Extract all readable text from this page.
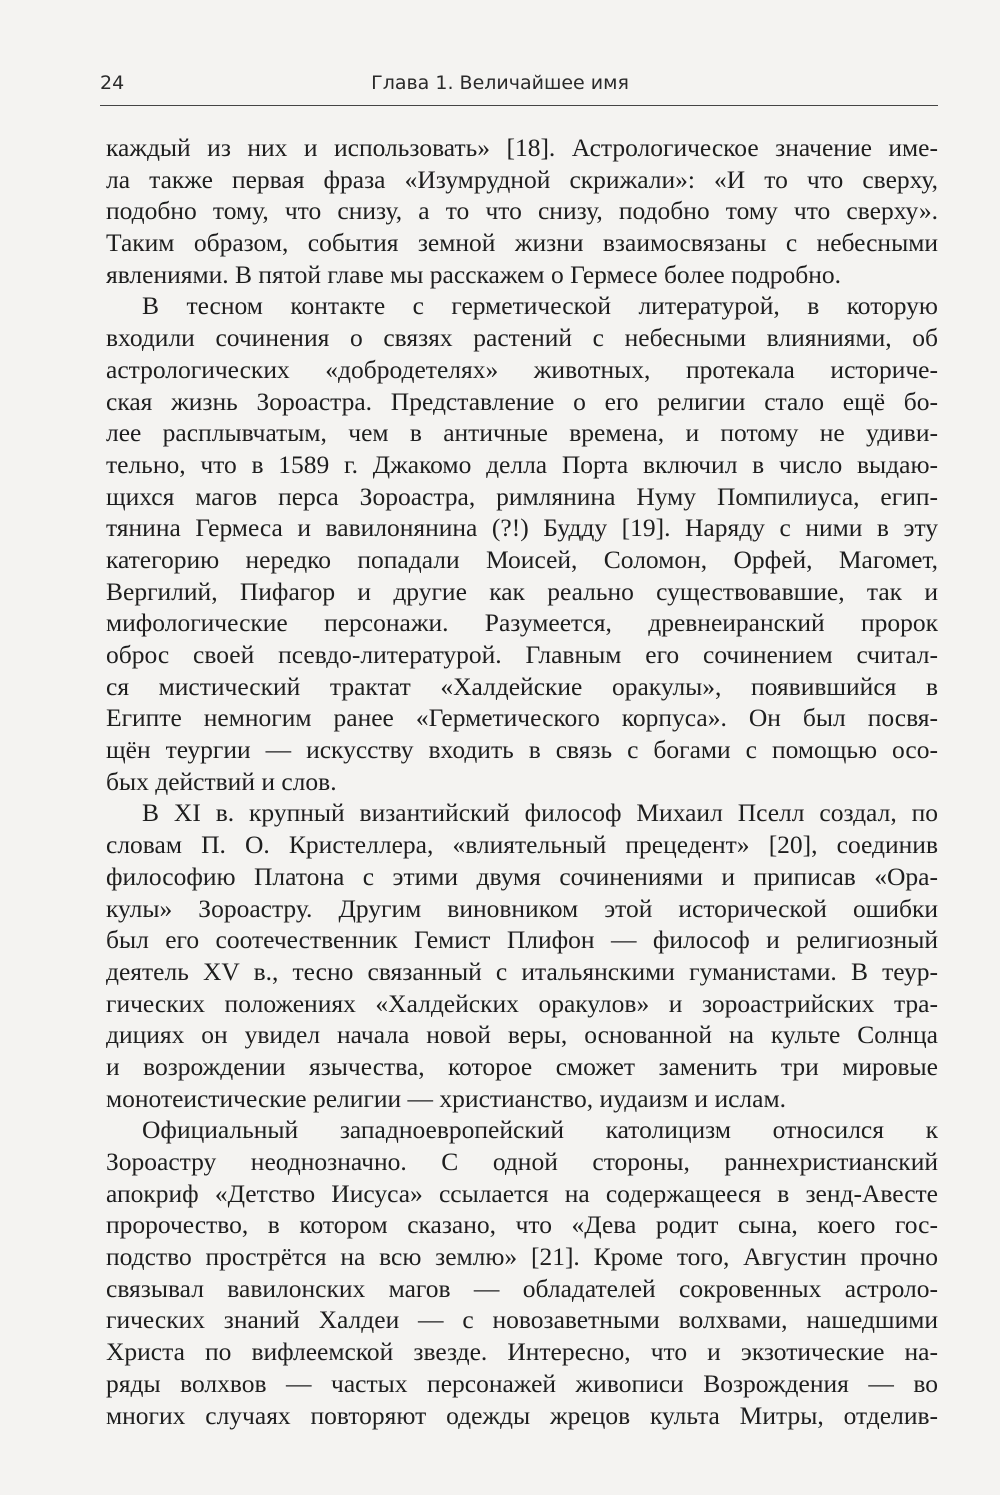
24	Глава 1. Величайшее имя
каждый из них и использовать» [18]. Астрологическое значение име-
ла также первая фраза «Изумрудной скрижали»: «И то что сверху,
подобно тому, что снизу, а то что снизу, подобно тому что сверху».
Таким образом, события земной жизни взаимосвязаны с небесными
явлениями. В пятой главе мы расскажем о Гермесе более подробно.
В тесном контакте с герметической литературой, в которую
входили сочинения о связях растений с небесными влияниями, об
астрологических «добродетелях» животных, протекала историче-
ская жизнь Зороастра. Представление о его религии стало ещё бо-
лее расплывчатым, чем в античные времена, и потому не удиви-
тельно, что в 1589 г. Джакомо делла Порта включил в число выдаю-
щихся магов перса Зороастра, римлянина Нуму Помпилиуса, егип-
тянина Гермеса и вавилонянина (?!) Будду [19]. Наряду с ними в эту
категорию нередко попадали Моисей, Соломон, Орфей, Магомет,
Вергилий, Пифагор и другие как реально существовавшие, так и
мифологические персонажи. Разумеется, древнеиранский пророк
оброс своей псевдо-литературой. Главным его сочинением считал-
ся мистический трактат «Халдейские оракулы», появившийся в
Египте немногим ранее «Герметического корпуса». Он был посвя-
щён теургии — искусству входить в связь с богами с помощью осо-
бых действий и слов.
В XI в. крупный византийский философ Михаил Пселл создал, по
словам П. О. Кристеллера, «влиятельный прецедент» [20], соединив
философию Платона с этими двумя сочинениями и приписав «Ора-
кулы» Зороастру. Другим виновником этой исторической ошибки
был его соотечественник Гемист Плифон — философ и религиозный
деятель XV в., тесно связанный с итальянскими гуманистами. В теур-
гических положениях «Халдейских оракулов» и зороастрийских тра-
дициях он увидел начала новой веры, основанной на культе Солнца
и возрождении язычества, которое сможет заменить три мировые
монотеистические религии — христианство, иудаизм и ислам.
Официальный западноевропейский католицизм относился к
Зороастру неоднозначно. С одной стороны, раннехристианский
апокриф «Детство Иисуса» ссылается на содержащееся в зенд-Авесте
пророчество, в котором сказано, что «Дева родит сына, коего гос-
подство прострётся на всю землю» [21]. Кроме того, Августин прочно
связывал вавилонских магов — обладателей сокровенных астроло-
гических знаний Халдеи — с новозаветными волхвами, нашедшими
Христа по вифлеемской звезде. Интересно, что и экзотические на-
ряды волхвов — частых персонажей живописи Возрождения — во
многих случаях повторяют одежды жрецов культа Митры, отделив-
